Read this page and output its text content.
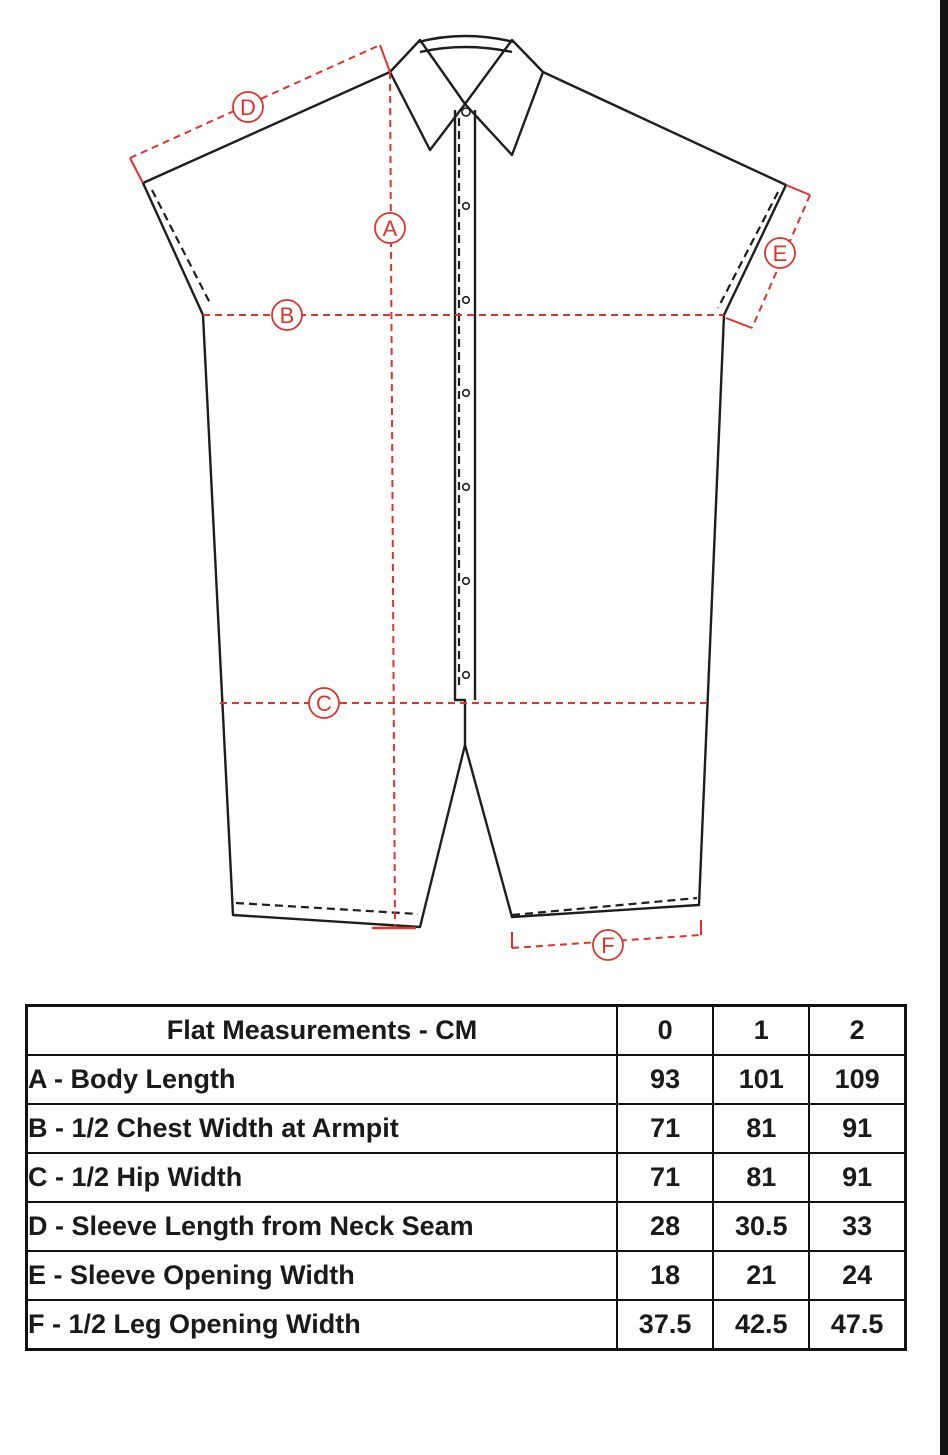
D
A
B
C
E
F
Flat Measurements - CM	0	1	2
A - Body Length	93	101	109
B - 1/2 Chest Width at Armpit	71	81	91
C - 1/2 Hip Width	71	81	91
D - Sleeve Length from Neck Seam	28	30.5	33
E - Sleeve Opening Width	18	21	24
F - 1/2 Leg Opening Width	37.5	42.5	47.5
